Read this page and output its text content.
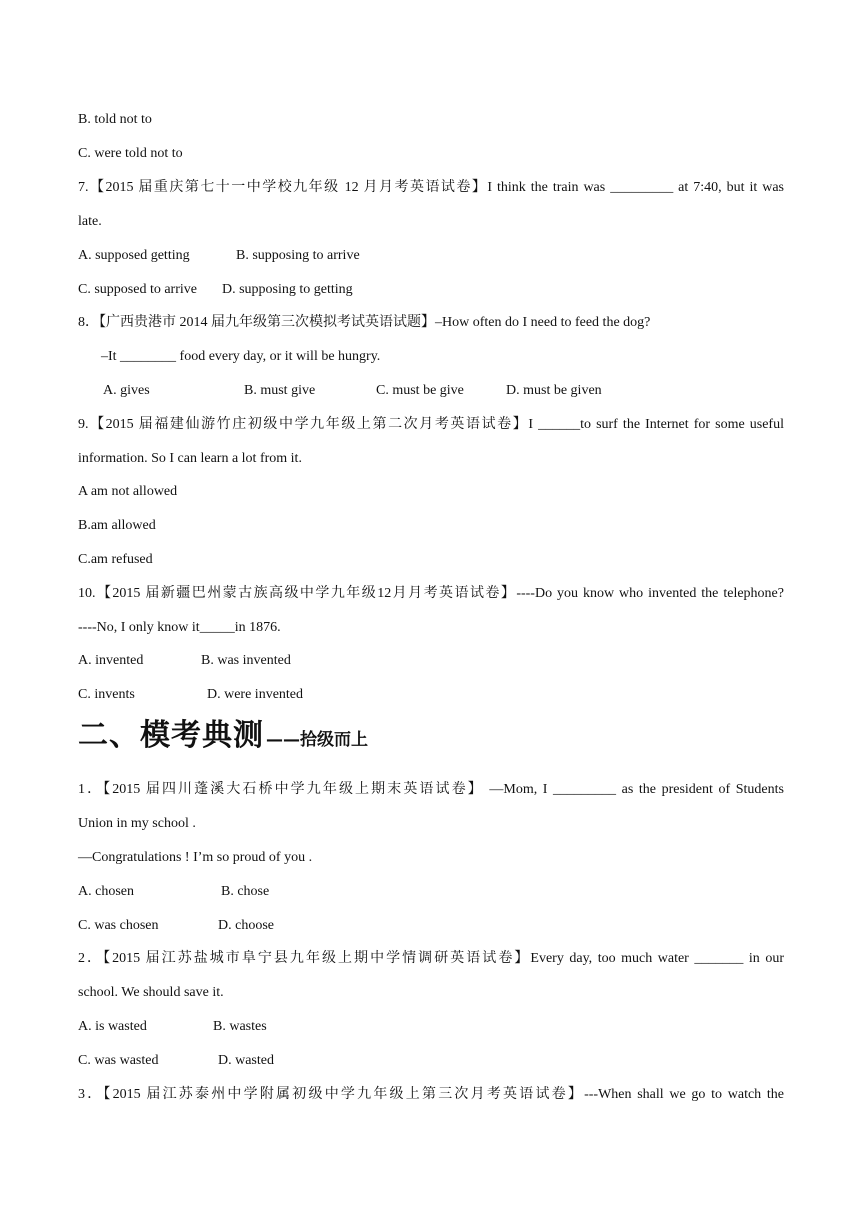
B. told not to
C. were told not to
7.【2015 届重庆第七十一中学校九年级 12 月月考英语试卷】I think the train was _________ at 7:40, but it was
late.
A. supposed getting	B. supposing to arrive
C. supposed to arrive D. supposing to getting
8．【广西贵港市 2014 届九年级第三次模拟考试英语试题】–How often do I need to feed the dog?
–It ________ food every day, or it will be hungry.
A. gives	B. must give	C. must be give	D. must be given
9.【2015 届福建仙游竹庄初级中学九年级上第二次月考英语试卷】I ______to surf the Internet for some useful
information. So I can learn a lot from it.
A am not allowed
B.am allowed
C.am refused
10.【2015 届新疆巴州蒙古族高级中学九年级12月月考英语试卷】----Do you know who invented the telephone?
----No, I only know it_____in 1876.
A. invented	B. was invented
C. invents	D. were invented
二、模考典测 ——拾级而上
1．【2015 届四川蓬溪大石桥中学九年级上期末英语试卷】 —Mom, I _________ as the president of Students
Union in my school .
—Congratulations ! I’m so proud of you .
A. chosen	B. chose
C. was chosen	D. choose
2．【2015 届江苏盐城市阜宁县九年级上期中学情调研英语试卷】Every day, too much water _______ in our
school. We should save it.
A. is wasted	B. wastes
C. was wasted	D. wasted
3．【2015 届江苏泰州中学附属初级中学九年级上第三次月考英语试卷】---When shall we go to watch the
